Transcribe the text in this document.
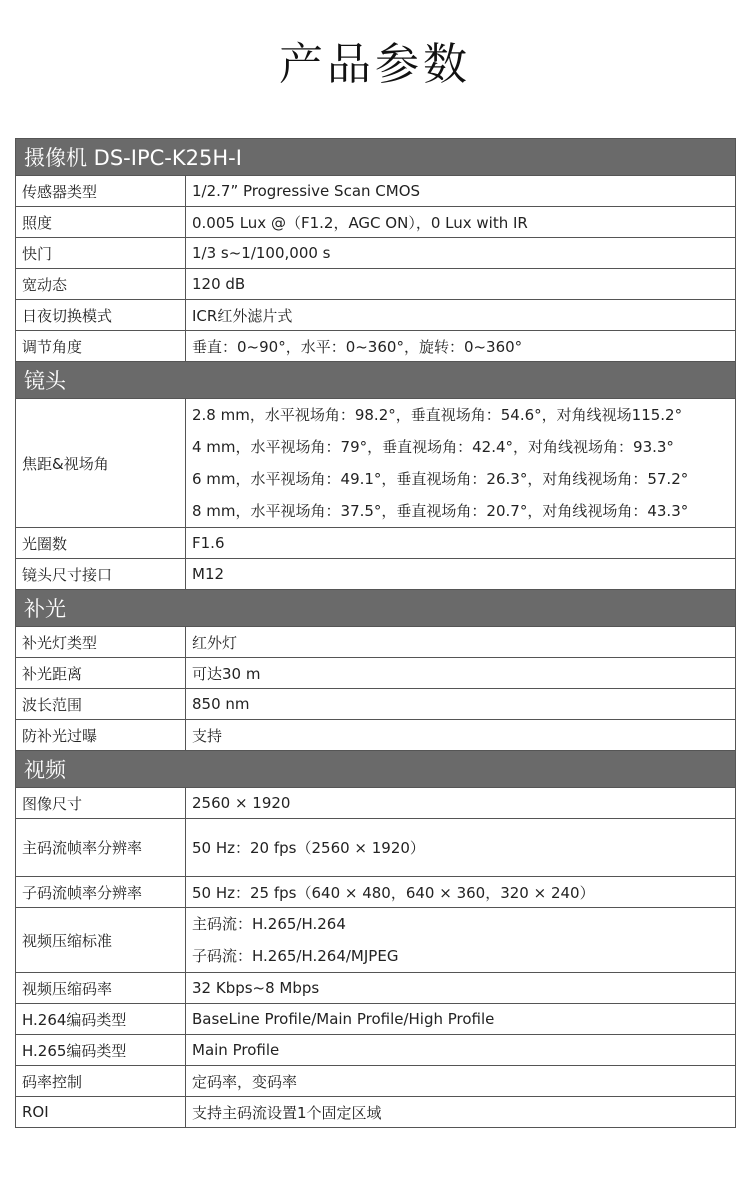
产品参数
摄像机 DS-IPC-K25H-I	
传感器类型	1/2.7” Progressive Scan CMOS
照度	0.005 Lux @（F1.2，AGC ON），0 Lux with IR
快门	1/3 s~1/100,000 s
宽动态	120 dB
日夜切换模式	ICR红外滤片式
调节角度	垂直：0~90°，水平：0~360°，旋转：0~360°
镜头	
焦距&视场角	2.8 mm，水平视场角：98.2°，垂直视场角：54.6°，对角线视场115.2°
4 mm，水平视场角：79°，垂直视场角：42.4°，对角线视场角：93.3°
6 mm，水平视场角：49.1°，垂直视场角：26.3°，对角线视场角：57.2°
8 mm，水平视场角：37.5°，垂直视场角：20.7°，对角线视场角：43.3°

光圈数	F1.6
镜头尺寸接口	M12
补光	
补光灯类型	红外灯
补光距离	可达30 m
波长范围	850 nm
防补光过曝	支持
视频	
图像尺寸	2560 × 1920
主码流帧率分辨率	50 Hz：20 fps（2560 × 1920）
子码流帧率分辨率	50 Hz：25 fps（640 × 480，640 × 360，320 × 240）
视频压缩标准	主码流：H.265/H.264
子码流：H.265/H.264/MJPEG

视频压缩码率	32 Kbps~8 Mbps
H.264编码类型	BaseLine Profile/Main Profile/High Profile
H.265编码类型	Main Profile
码率控制	定码率，变码率
ROI	支持主码流设置1个固定区域
